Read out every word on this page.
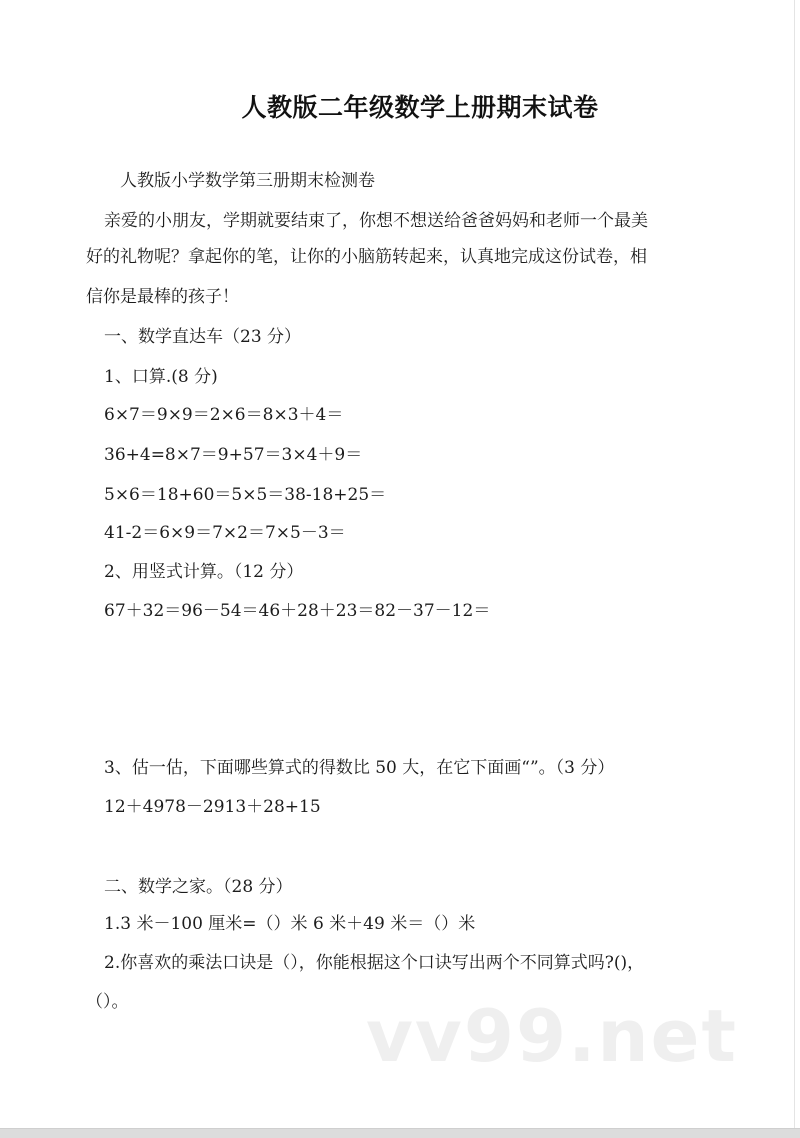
人教版二年级数学上册期末试卷
人教版小学数学第三册期末检测卷
亲爱的小朋友，学期就要结束了，你想不想送给爸爸妈妈和老师一个最美
好的礼物呢？拿起你的笔，让你的小脑筋转起来，认真地完成这份试卷，相
信你是最棒的孩子！
一、数学直达车（23 分）
1、口算.(8 分)
6×7＝9×9＝2×6＝8×3＋4＝
36+4=8×7＝9+57＝3×4＋9＝
5×6＝18+60＝5×5＝38-18+25＝
41-2＝6×9＝7×2＝7×5－3＝
2、用竖式计算。（12 分）
67＋32＝96－54＝46＋28＋23＝82－37－12＝
3、估一估，下面哪些算式的得数比 50 大，在它下面画“”。（3 分）
12＋4978－2913＋28+15
二、数学之家。（28 分）
1.3 米－100 厘米=（）米 6 米＋49 米＝（）米
2.你喜欢的乘法口诀是（），你能根据这个口诀写出两个不同算式吗?()，
（）。	vv99.net
